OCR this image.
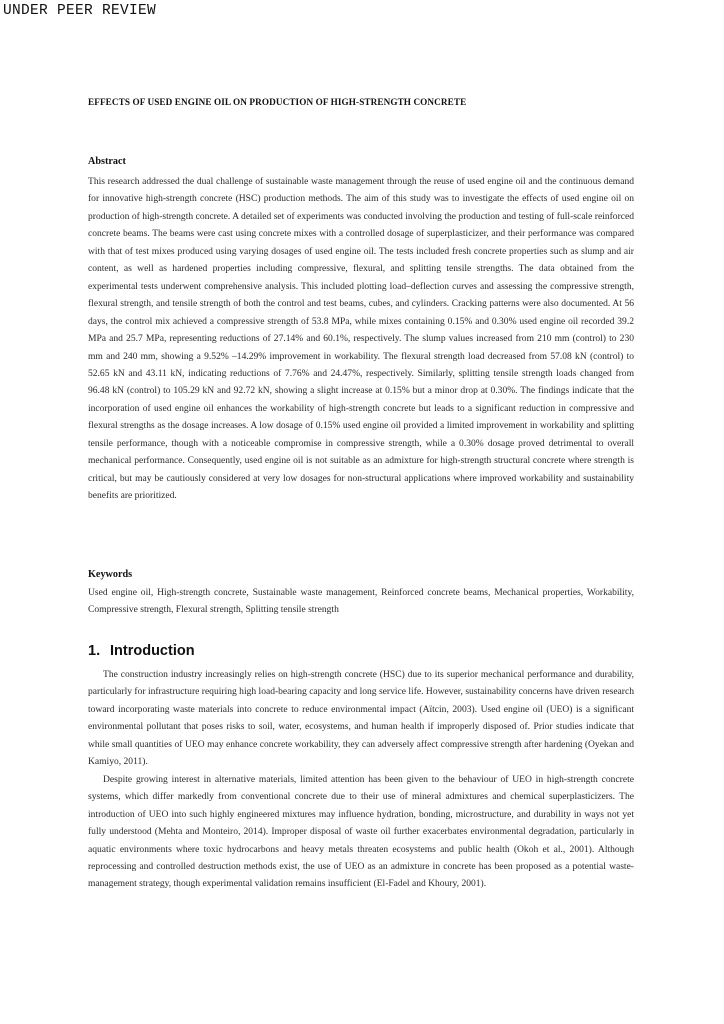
UNDER PEER REVIEW
EFFECTS OF USED ENGINE OIL ON PRODUCTION OF HIGH-STRENGTH CONCRETE

Abstract

This research addressed the dual challenge of sustainable waste management through the reuse of used engine oil and the continuous demand for innovative high-strength concrete (HSC) production methods. The aim of this study was to investigate the effects of used engine oil on production of high-strength concrete. A detailed set of experiments was conducted involving the production and testing of full-scale reinforced concrete beams. The beams were cast using concrete mixes with a controlled dosage of superplasticizer, and their performance was compared with that of test mixes produced using varying dosages of used engine oil. The tests included fresh concrete properties such as slump and air content, as well as hardened properties including compressive, flexural, and splitting tensile strengths. The data obtained from the experimental tests underwent comprehensive analysis. This included plotting load–deflection curves and assessing the compressive strength, flexural strength, and tensile strength of both the control and test beams, cubes, and cylinders. Cracking patterns were also documented. At 56 days, the control mix achieved a compressive strength of 53.8 MPa, while mixes containing 0.15% and 0.30% used engine oil recorded 39.2 MPa and 25.7 MPa, representing reductions of 27.14% and 60.1%, respectively. The slump values increased from 210 mm (control) to 230 mm and 240 mm, showing a 9.52% –14.29% improvement in workability. The flexural strength load decreased from 57.08 kN (control) to 52.65 kN and 43.11 kN, indicating reductions of 7.76% and 24.47%, respectively. Similarly, splitting tensile strength loads changed from 96.48 kN (control) to 105.29 kN and 92.72 kN, showing a slight increase at 0.15% but a minor drop at 0.30%. The findings indicate that the incorporation of used engine oil enhances the workability of high-strength concrete but leads to a significant reduction in compressive and flexural strengths as the dosage increases. A low dosage of 0.15% used engine oil provided a limited improvement in workability and splitting tensile performance, though with a noticeable compromise in compressive strength, while a 0.30% dosage proved detrimental to overall mechanical performance. Consequently, used engine oil is not suitable as an admixture for high-strength structural concrete where strength is critical, but may be cautiously considered at very low dosages for non-structural applications where improved workability and sustainability benefits are prioritized.

Keywords

Used engine oil, High-strength concrete, Sustainable waste management, Reinforced concrete beams, Mechanical properties, Workability, Compressive strength, Flexural strength, Splitting tensile strength

1. Introduction

The construction industry increasingly relies on high-strength concrete (HSC) due to its superior mechanical performance and durability, particularly for infrastructure requiring high load-bearing capacity and long service life. However, sustainability concerns have driven research toward incorporating waste materials into concrete to reduce environmental impact (Aïtcin, 2003). Used engine oil (UEO) is a significant environmental pollutant that poses risks to soil, water, ecosystems, and human health if improperly disposed of. Prior studies indicate that while small quantities of UEO may enhance concrete workability, they can adversely affect compressive strength after hardening (Oyekan and Kamiyo, 2011).

Despite growing interest in alternative materials, limited attention has been given to the behaviour of UEO in high-strength concrete systems, which differ markedly from conventional concrete due to their use of mineral admixtures and chemical superplasticizers. The introduction of UEO into such highly engineered mixtures may influence hydration, bonding, microstructure, and durability in ways not yet fully understood (Mehta and Monteiro, 2014). Improper disposal of waste oil further exacerbates environmental degradation, particularly in aquatic environments where toxic hydrocarbons and heavy metals threaten ecosystems and public health (Okoh et al., 2001). Although reprocessing and controlled destruction methods exist, the use of UEO as an admixture in concrete has been proposed as a potential waste-management strategy, though experimental validation remains insufficient (El-Fadel and Khoury, 2001).
